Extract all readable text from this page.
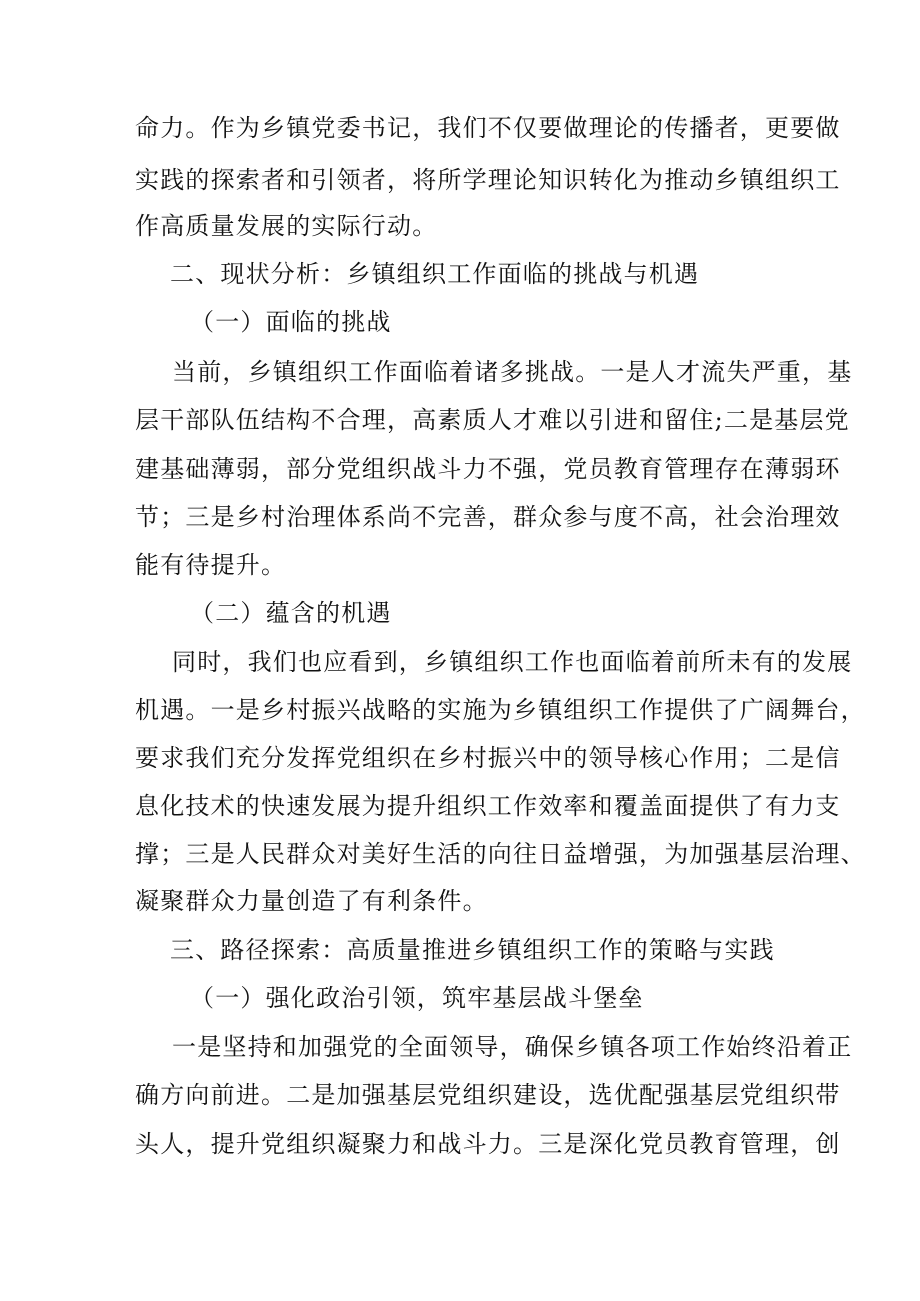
命力。作为乡镇党委书记，我们不仅要做理论的传播者，更要做
实践的探索者和引领者，将所学理论知识转化为推动乡镇组织工
作高质量发展的实际行动。
二、现状分析：乡镇组织工作面临的挑战与机遇
（一）面临的挑战
当前，乡镇组织工作面临着诸多挑战。一是人才流失严重，基
层干部队伍结构不合理，高素质人才难以引进和留住;二是基层党
建基础薄弱，部分党组织战斗力不强，党员教育管理存在薄弱环
节；三是乡村治理体系尚不完善，群众参与度不高，社会治理效
能有待提升。
（二）蕴含的机遇
同时，我们也应看到，乡镇组织工作也面临着前所未有的发展
机遇。一是乡村振兴战略的实施为乡镇组织工作提供了广阔舞台，
要求我们充分发挥党组织在乡村振兴中的领导核心作用；二是信
息化技术的快速发展为提升组织工作效率和覆盖面提供了有力支
撑；三是人民群众对美好生活的向往日益增强，为加强基层治理、
凝聚群众力量创造了有利条件。
三、路径探索：高质量推进乡镇组织工作的策略与实践
（一）强化政治引领，筑牢基层战斗堡垒
一是坚持和加强党的全面领导，确保乡镇各项工作始终沿着正
确方向前进。二是加强基层党组织建设，选优配强基层党组织带
头人，提升党组织凝聚力和战斗力。三是深化党员教育管理，创
